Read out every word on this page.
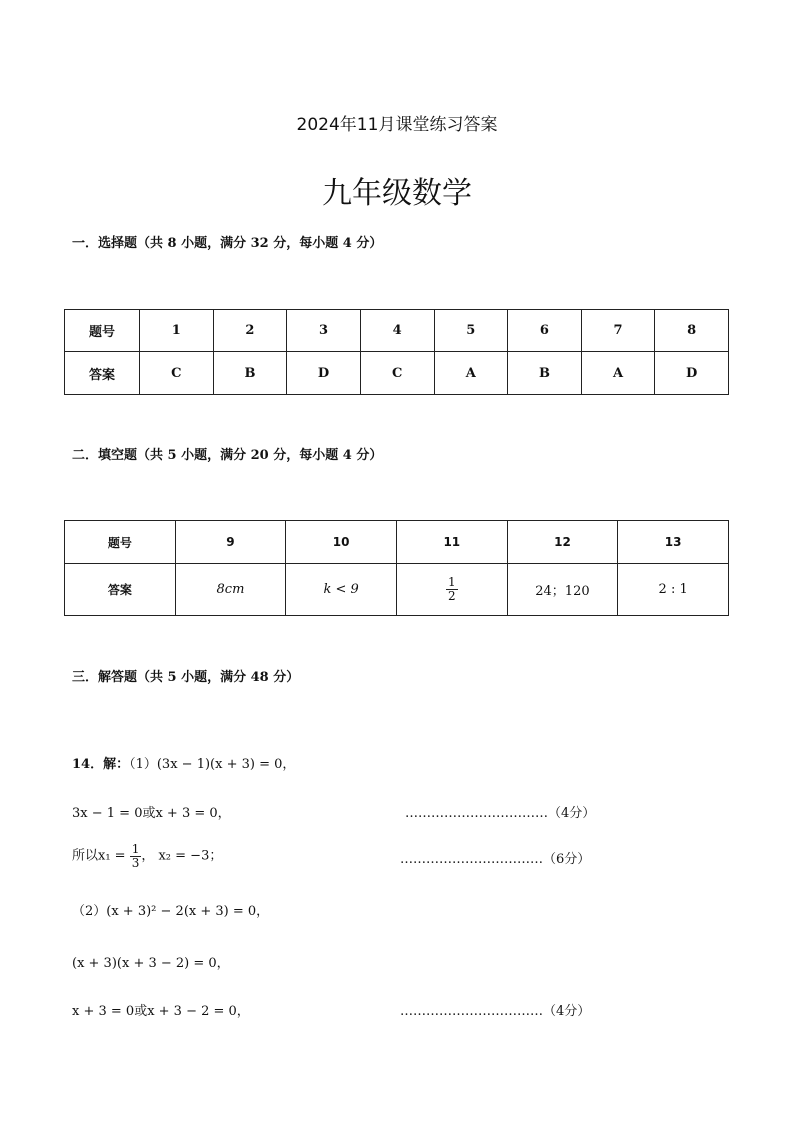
2024年11月课堂练习答案
九年级数学
一．选择题（共 8 小题，满分 32 分，每小题 4 分）
题号	1	2	3	4	5	6	7	8
答案	C	B	D	C	A	B	A	D
二．填空题（共 5 小题，满分 20 分，每小题 4 分）
题号	9	10	11	12	13
答案	8cm	k < 9	$\frac{1}{2}$	24；120	2 : 1
三．解答题（共 5 小题，满分 48 分）
14．解：（1）(3x − 1)(x + 3) = 0，
3x − 1 = 0或x + 3 = 0，	……………………………（4分）
所以$x_1 = \frac{1}{3}$ ， x₂ = −3；	……………………………（6分）
（2）(x + 3)² − 2(x + 3) = 0，
(x + 3)(x + 3 − 2) = 0，
x + 3 = 0或x + 3 − 2 = 0，	……………………………（4分）
